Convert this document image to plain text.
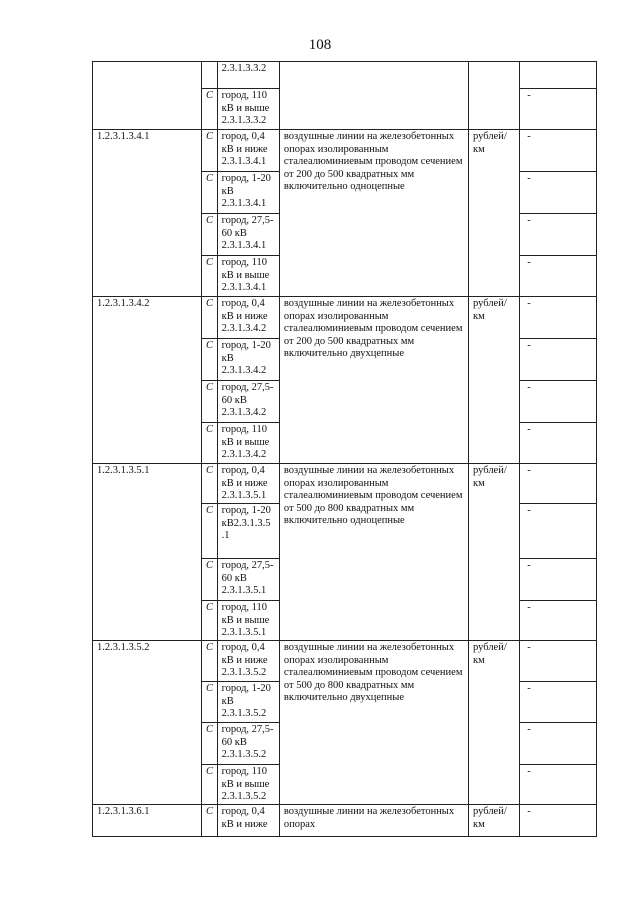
108
		2.3.1.3.3.2			
	С	город, 110 кВ и выше 2.3.1.3.3.2			-
1.2.3.1.3.4.1	С	город, 0,4 кВ и ниже 2.3.1.3.4.1	воздушные линии на железобетонных опорах изолированным сталеалюминиевым проводом сечением от 200 до 500 квадратных мм включительно одноцепные	рублей/ км	-
	С	город, 1-20 кВ 2.3.1.3.4.1			-
	С	город, 27,5-60 кВ 2.3.1.3.4.1			-
	С	город, 110 кВ и выше 2.3.1.3.4.1			-
1.2.3.1.3.4.2	С	город, 0,4 кВ и ниже 2.3.1.3.4.2	воздушные линии на железобетонных опорах изолированным сталеалюминиевым проводом сечением от 200 до 500 квадратных мм включительно двухцепные	рублей/ км	-
	С	город, 1-20 кВ 2.3.1.3.4.2			-
	С	город, 27,5-60 кВ 2.3.1.3.4.2			-
	С	город, 110 кВ и выше 2.3.1.3.4.2			-
1.2.3.1.3.5.1	С	город, 0,4 кВ и ниже 2.3.1.3.5.1	воздушные линии на железобетонных опорах изолированным сталеалюминиевым проводом сечением от 500 до 800 квадратных мм включительно одноцепные	рублей/ км	-
	С	город, 1-20 кВ2.3.1.3.5 .1			-
	С	город, 27,5-60 кВ 2.3.1.3.5.1			-
	С	город, 110 кВ и выше 2.3.1.3.5.1			-
1.2.3.1.3.5.2	С	город, 0,4 кВ и ниже 2.3.1.3.5.2	воздушные линии на железобетонных опорах изолированным сталеалюминиевым проводом сечением от 500 до 800 квадратных мм включительно двухцепные	рублей/ км	-
	С	город, 1-20 кВ 2.3.1.3.5.2			-
	С	город, 27,5-60 кВ 2.3.1.3.5.2			-
	С	город, 110 кВ и выше 2.3.1.3.5.2			-
1.2.3.1.3.6.1	С	город, 0,4 кВ и ниже	воздушные линии на железобетонных опорах	рублей/ км	-
